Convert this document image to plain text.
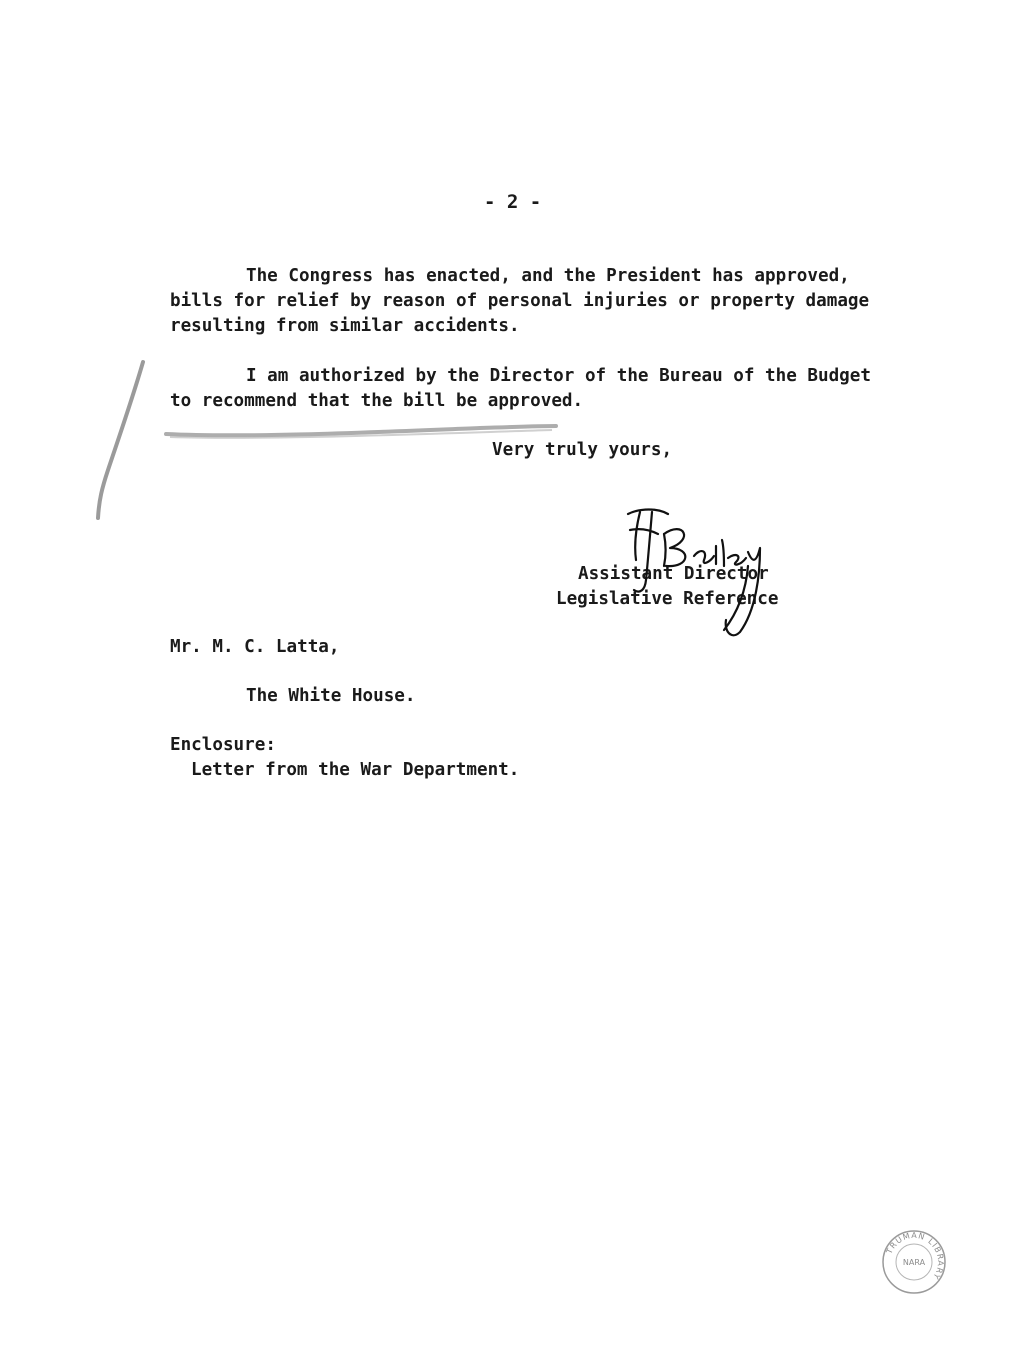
- 2 -
The Congress has enacted, and the President has approved,
bills for relief by reason of personal injuries or property damage
resulting from similar accidents.
I am authorized by the Director of the Bureau of the Budget
to recommend that the bill be approved.
Very truly yours,
Assistant Director
Legislative Reference
Mr. M. C. Latta,
The White House.
Enclosure:
Letter from the War Department.
TRUMAN LIBRARY
NARA
